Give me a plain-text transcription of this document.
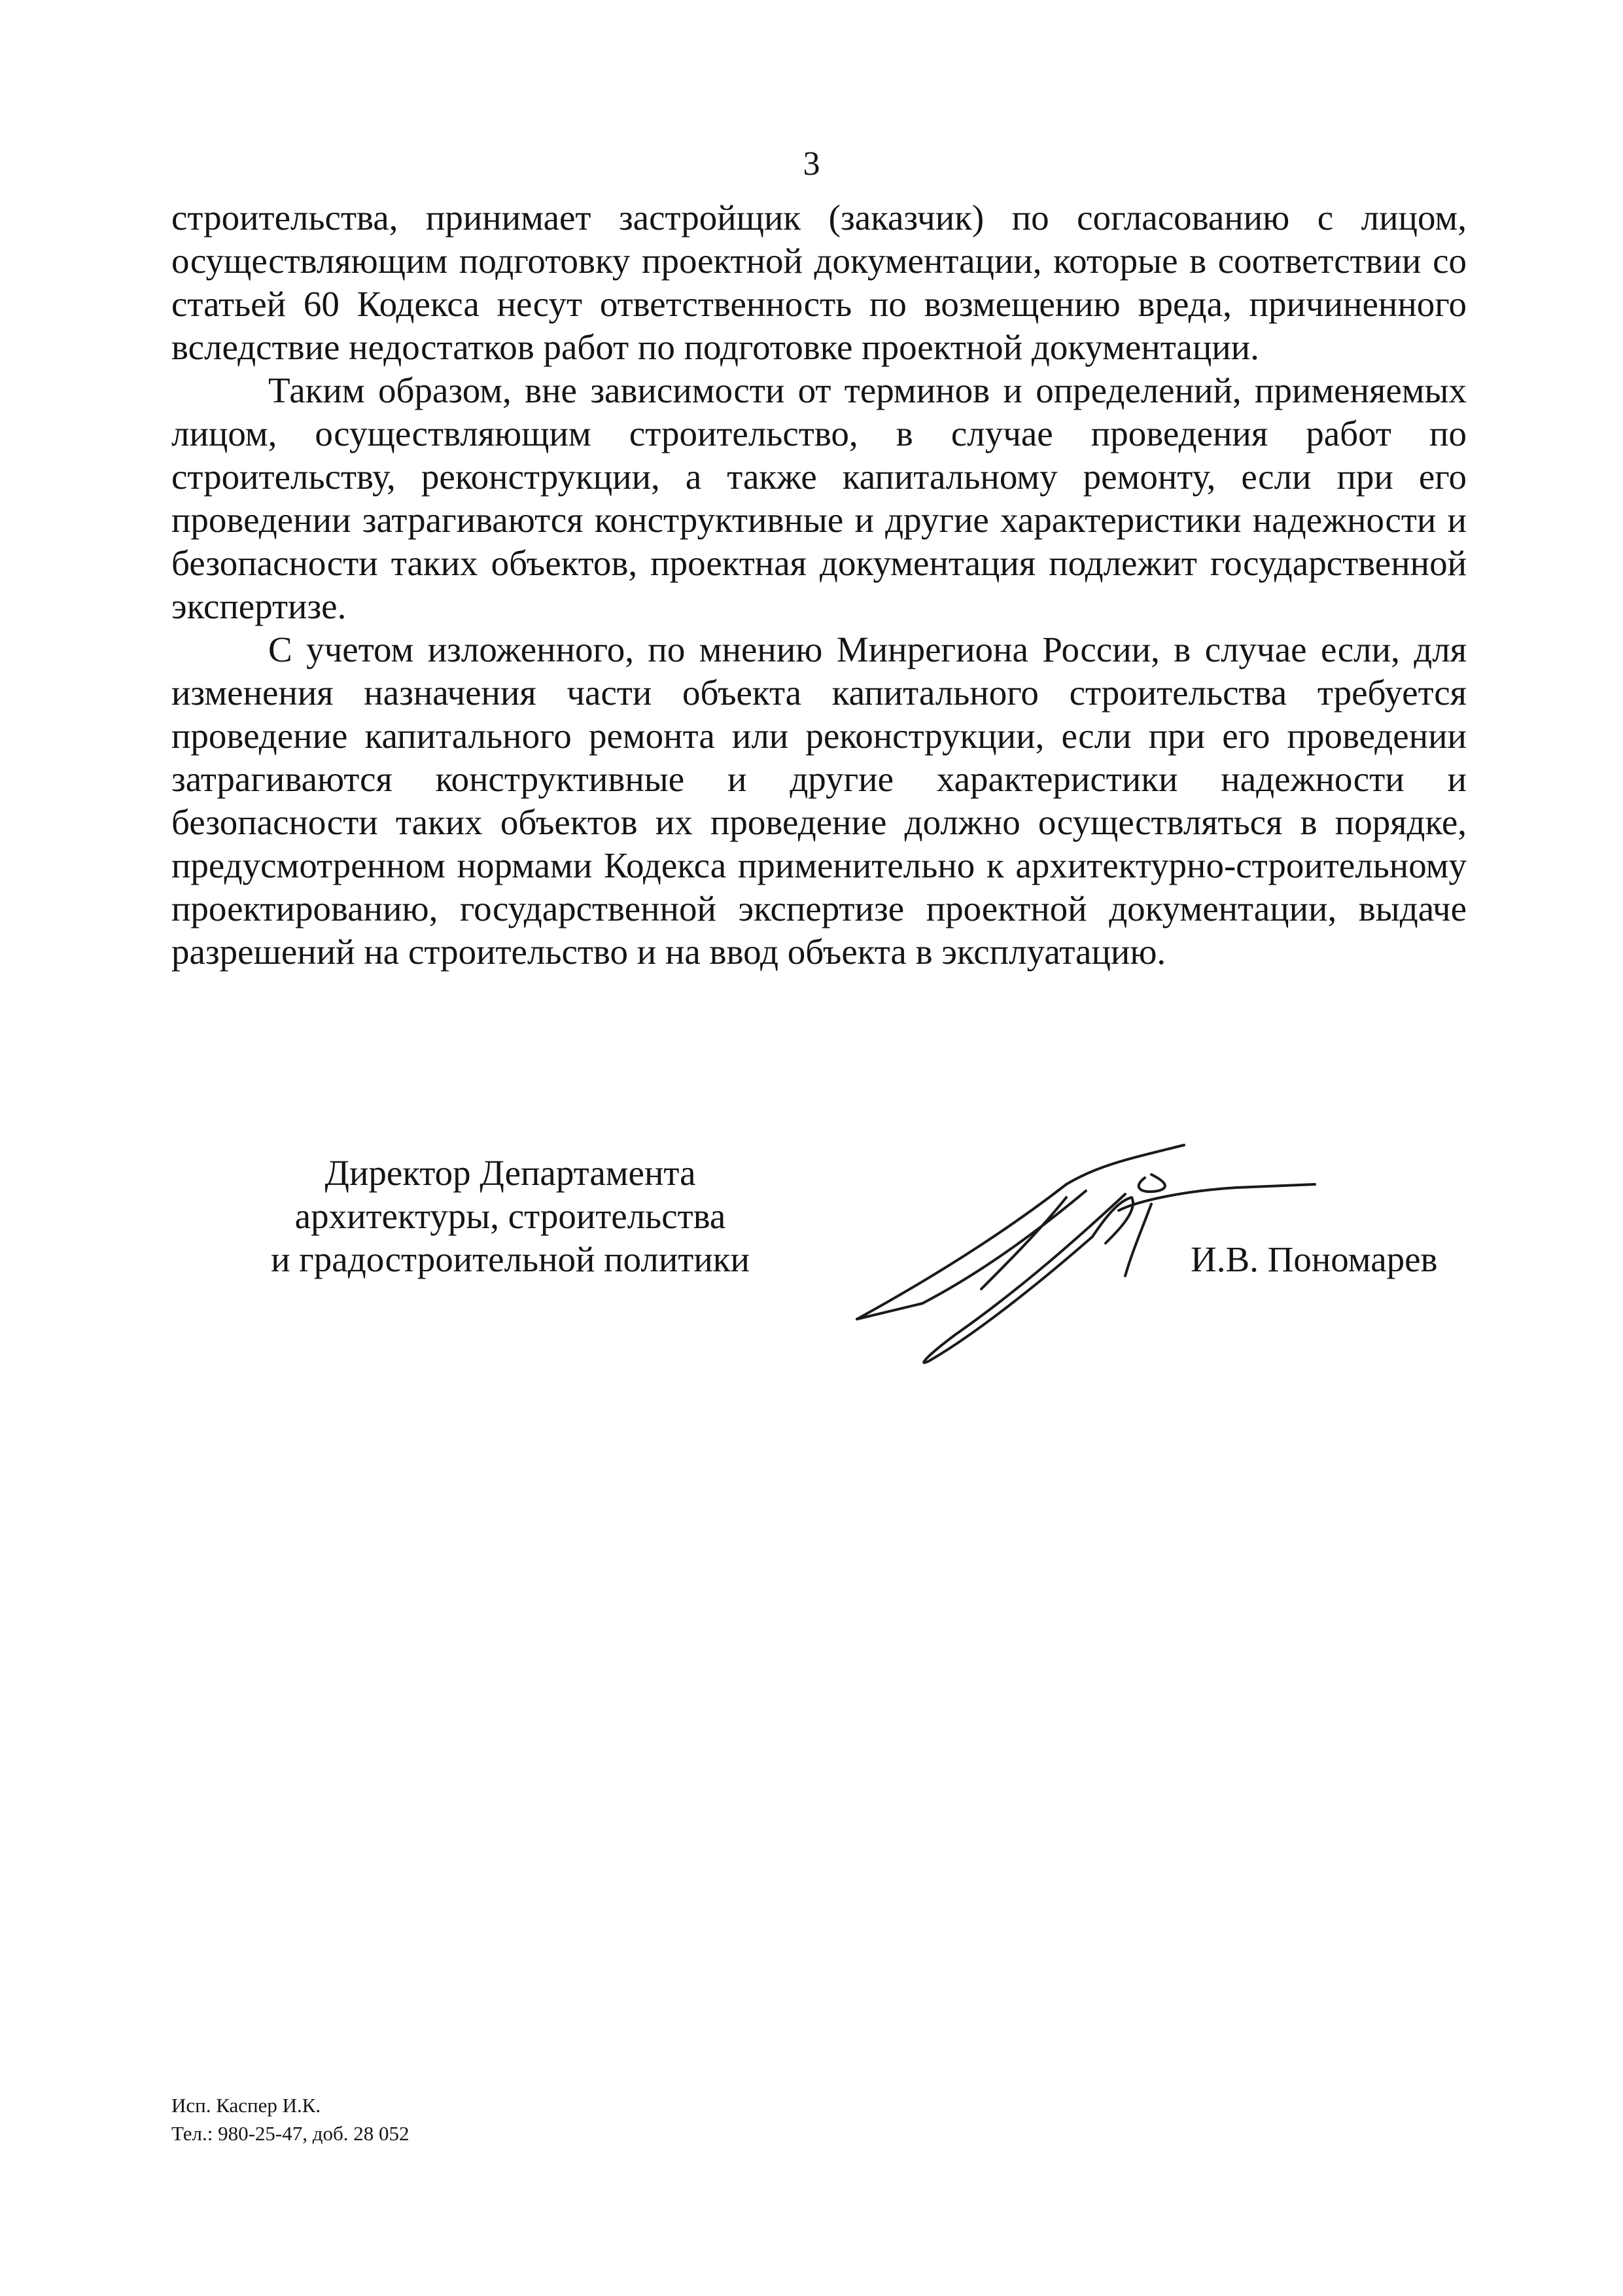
3

строительства, принимает застройщик (заказчик) по согласованию с лицом, осуществляющим подготовку проектной документации, которые в соответствии со статьей 60 Кодекса несут ответственность по возмещению вреда, причиненного вследствие недостатков работ по подготовке проектной документации.

Таким образом, вне зависимости от терминов и определений, применяемых лицом, осуществляющим строительство, в случае проведения работ по строительству, реконструкции, а также капитальному ремонту, если при его проведении затрагиваются конструктивные и другие характеристики надежности и безопасности таких объектов, проектная документация подлежит государственной экспертизе.

С учетом изложенного, по мнению Минрегиона России, в случае если, для изменения назначения части объекта капитального строительства требуется проведение капитального ремонта или реконструкции, если при его проведении затрагиваются конструктивные и другие характеристики надежности и безопасности таких объектов их проведение должно осуществляться в порядке, предусмотренном нормами Кодекса применительно к архитектурно-строительному проектированию, государственной экспертизе проектной документации, выдаче разрешений на строительство и на ввод объекта в эксплуатацию.

Директор Департамента
архитектуры, строительства
и градостроительной политики	И.В. Пономарев
Исп. Каспер И.К.
Тел.: 980-25-47, доб. 28 052
